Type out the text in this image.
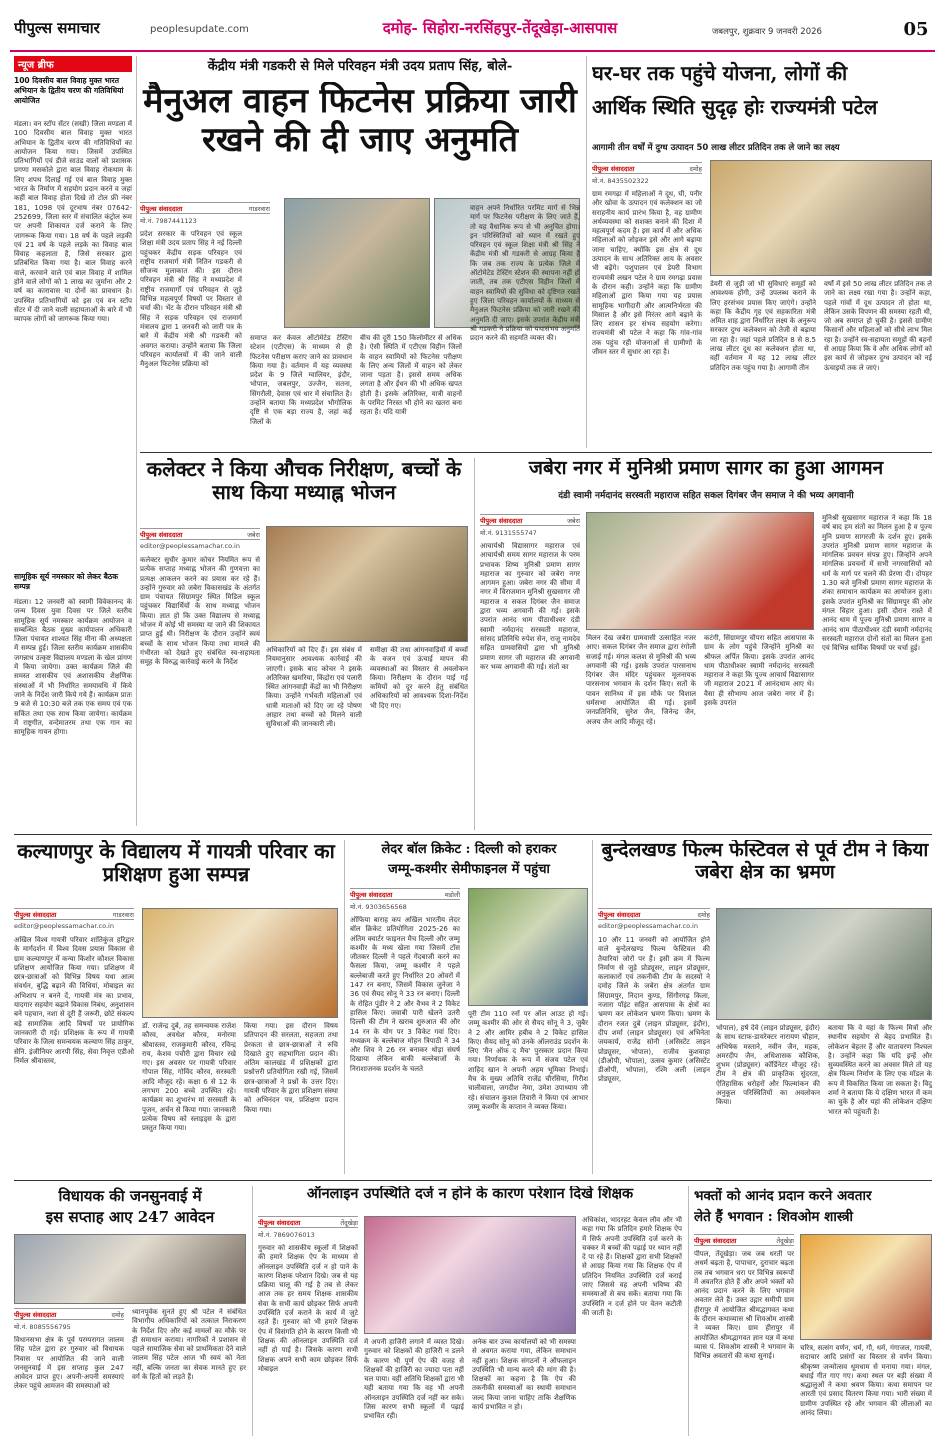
पीपुल्स समाचार	peoplesupdate.com	दमोह- सिहोरा-नरसिंहपुर-तेंदूखेड़ा-आसपास	जबलपुर, शुक्रवार 9 जनवरी 2026	05
न्यूज ब्रीफ
100 दिवसीय बाल विवाह मुक्त भारत अभियान के द्वितीय चरण की गतिविधियां आयोजित
मंडला। वन स्टॉप सेंटर (सखी) जिला मण्डला में 100 दिवसीय बाल विवाह मुक्त भारत अभियान के द्वितीय चरण की गतिविधियों का आयोजन किया गया। जिसमें उपस्थित प्रतिभागियों एवं डीजे साउंड वालों को प्रशासक प्रगणा मसकोले द्वारा बाल विवाह रोकथाम के लिए शपथ दिलाई गई एवं बाल विवाह मुक्त भारत के निर्माण में सहयोग प्रदान करने व जहां कहीं बाल विवाह होता दिखे तो टोल फ्री नंबर 181, 1098 एवं दूरभाष नंबर 07642-252699, जिला स्तर में संचालित कंट्रोल रूम पर अपनी शिकायत दर्ज कराने के लिए जागरूक किया गया। 18 वर्ष के पहले लड़की एवं 21 वर्ष के पहले लड़के का विवाह बाल विवाह कहलाता है, जिसे सरकार द्वारा प्रतिबंधित किया गया है। बाल विवाह करने वाले, करवाने वाले एवं बाल विवाह में शामिल होने वाले लोगों को 1 लाख का जुर्माना और 2 वर्ष का कारावास या दोनों का प्रावधान है। उपस्थित प्रतिभागियों को इस एवं वन स्टॉप सेंटर में दी जाने वाली सहायताओं के बारे में भी व्यापक लोगों को जागरूक किया गया।
सामूहिक सूर्य नमस्कार को लेकर बैठक सम्पन्न
मंडला। 12 जनवरी को स्वामी विवेकानन्द के जन्म दिवस युवा दिवस पर जिले स्तरीय सामूहिक सूर्य नमस्कार कार्यक्रम आयोजन व सम्बन्धित बैठक मुख्य कार्यपालन अधिकारी जिला पंचायत शाश्वत सिंह मीना की अध्यक्षता में सम्पन्न हुई। जिला स्तरीय कार्यक्रम शासकीय जगन्नाथ उत्कृष्ट विद्यालय मण्डला के खेल प्रांगण में किया जायेगा। उक्त कार्यक्रम जिले की समस्त शासकीय एवं अशासकीय शैक्षणिक संस्थाओं में भी निर्धारित समयावधि में किये जाने के निर्देश जारी किये गये हैं। कार्यक्रम प्रातः 9 बजे से 10:30 बजे तक एक समय एवं एक सकिंत तथा एक साथ किया जायेगा। कार्यक्रम में राष्ट्रगीत, वन्देमातरम तथा एक गान का सामूहिक गायन होगा।
केंद्रीय मंत्री गडकरी से मिले परिवहन मंत्री उदय प्रताप सिंह, बोले-
मैनुअल वाहन फिटनेस प्रक्रिया जारी रखने की दी जाए अनुमति
पीपुल्स संवाददाता	गाडरवारा
मो.नं. 7987441123
प्रदेश सरकार के परिवहन एवं स्कूल शिक्षा मंत्री उदय प्रताप सिंह ने नई दिल्ली पहुंचकर केंद्रीय सड़क परिवहन एवं राष्ट्रीय राजमार्ग मंत्री नितिन गडकरी से सौजन्य मुलाकात की। इस दौरान परिवहन मंत्री श्री सिंह ने मध्यप्रदेश में राष्ट्रीय राजमार्गों एवं परिवहन से जुड़े विभिन्न महत्वपूर्ण विषयों पर विस्तार से चर्चा की। भेंट के दौरान परिवहन मंत्री श्री सिंह ने सड़क परिवहन एवं राजमार्ग मंत्रालय द्वारा 1 जनवरी को जारी पत्र के बारे में केंद्रीय मंत्री श्री गडकरी को अवगत कराया। उन्होंने बताया कि जिला परिवहन कार्यालयों में की जाने वाली मैनुअल फिटनेस प्रक्रिया को
समाप्त कर केवल ऑटोमेटेड टेस्टिंग स्टेशन (एटीएस) के माध्यम से ही फिटनेस परीक्षण कराए जाने का प्रावधान किया गया है। वर्तमान में यह व्यवस्था प्रदेश के 9 जिले ग्वालियर, इंदौर, भोपाल, जबलपुर, उज्जैन, सतना, सिंगरौली, देवास एवं धार में संचालित है। उन्होंने बताया कि मध्यप्रदेश भौगोलिक दृष्टि से एक बड़ा राज्य है, जहां कई जिलों के
बीच की दूरी 150 किलोमीटर से अधिक है। ऐसी स्थिति में एटीएस विहीन जिलों के वाहन स्वामियों को फिटनेस परीक्षण के लिए अन्य जिलों में वाहन को लेकर जाना पड़ता है। इससे समय अधिक लगता है और ईंधन की भी अधिक खपत होती है। इसके अतिरिक्त, यात्री वाहनों के परमिट निरस्त भी होने का खतरा बना रहता है। यदि यात्री
वाहन अपने निर्धारित परमिट मार्ग से भिन्न मार्ग पर फिटनेस परीक्षण के लिए जाते हैं, तो यह वैधानिक रूप से भी अनुचित होगा। इन परिस्थितियों को ध्यान में रखते हुए परिवहन एवं स्कूल शिक्षा मंत्री श्री सिंह ने केंद्रीय मंत्री श्री गडकरी से आग्रह किया है कि जब तक राज्य के प्रत्येक जिले में ऑटोमेटेड टेस्टिंग स्टेशन की स्थापना नहीं हो जाती, तब तक एटीएस विहीन जिलों में वाहन स्वामियों की सुविधा को दृष्टिगत रखते हुए जिला परिवहन कार्यालयों के माध्यम से मैनुअल फिटनेस प्रक्रिया को जारी रखने की अनुमति दी जाए। इसके उपरांत केंद्रीय मंत्री श्री गडकरी ने प्रक्रिया को यथासंभव अनुमति प्रदान करने की सहमति व्यक्त की।
घर-घर तक पहुंचे योजना, लोगों की
आर्थिक स्थिति सुदृढ़ होः राज्यमंत्री पटेल
आगामी तीन वर्षों में दुग्ध उत्पादन 50 लाख लीटर प्रतिदिन तक ले जाने का लक्ष्य
पीपुल्स संवाददाता	दमोह
मो.नं. 8435502322
ग्राम रमगढ़ा में महिलाओं ने दूध, घी, पनीर और खोवा के उत्पादन एवं कलेक्शन का जो सराहनीय कार्य प्रारंभ किया है, वह ग्रामीण अर्थव्यवस्था को सशक्त बनाने की दिशा में महत्वपूर्ण कदम है। इस कार्य में और अधिक महिलाओं को जोड़कर इसे और आगे बढ़ाया जाना चाहिए, क्योंकि इस क्षेत्र से दूध उत्पादन के साथ अतिरिक्त आय के अवसर भी बढ़ेंगे। पशुपालन एवं डेयरी विभाग राज्यमंत्री लखन पटेल ने ग्राम रमगढ़ा प्रवास के दौरान कही। उन्होंने कहा कि ग्रामीण महिलाओं द्वारा किया गया यह प्रयास सामूहिक भागीदारी और आत्मनिर्भरता की मिसाल है और इसे निरंतर आगे बढ़ाने के लिए शासन हर संभव सहयोग करेगा। राज्यमंत्री श्री पटेल ने कहा कि गांव-गांव तक पहुंच रही योजनाओं से ग्रामीणों के जीवन स्तर में सुधार आ रहा है।
डेयरी से जुड़ी जो भी सुविधाएं समूहों को आवश्यक होंगी, उन्हें उपलब्ध कराने के लिए हरसंभव प्रयास किए जाएंगे। उन्होंने कहा कि केंद्रीय गृह एवं सहकारिता मंत्री अमित शाह द्वारा निर्धारित लक्ष्य के अनुरूप सरकार दुग्ध कलेक्शन को तेजी से बढ़ाया जा रहा है। जहां पहले प्रतिदिन 8 से 8.5 लाख लीटर दूध का कलेक्शन होता था, वहीं वर्तमान में यह 12 लाख लीटर प्रतिदिन तक पहुंच गया है। आगामी तीन
वर्षों में इसे 50 लाख लीटर प्रतिदिन तक ले जाने का लक्ष्य रखा गया है। उन्होंने कहा, पहले गांवों में दूध उत्पादन तो होता था, लेकिन उसके विपणन की समस्या रहती थी, जो अब समाप्त हो चुकी है। इससे ग्रामीण किसानों और महिलाओं को सीधे लाभ मिल रहा है। उन्होंने स्व-सहायता समूहों की बहनों से आग्रह किया कि वे और अधिक लोगों को इस कार्य से जोड़कर दुग्ध उत्पादन को नई ऊंचाइयों तक ले जाएं।
कलेक्टर ने किया औचक निरीक्षण, बच्चों के साथ किया मध्याह्न भोजन
पीपुल्स संवाददाता	जबेरा
editor@peoplessamachar.co.in
कलेक्टर सुधीर कुमार कोचर नियमित रूप से प्रत्येक सप्ताह मध्याह्न भोजन की गुणवत्ता का प्रत्यक्ष आकलन करने का प्रयास कर रहे हैं। उन्होंने गुरुवार को जबेरा विकासखंड के अंतर्गत ग्राम पंचायत सिंग्रामपुर स्थित मिडिल स्कूल पहुंचकर विद्यार्थियों के साथ मध्याह्न भोजन किया। ज्ञात हो कि उक्त विद्यालय से मध्याह्न भोजन में कोई भी समस्या या जाने की शिकायत प्राप्त हुई थी। निरीक्षण के दौरान उन्होंने स्वयं बच्चों के साथ भोजन किया तथा मामले की गंभीरता को देखते हुए संबंधित स्व-सहायता समूह के विरुद्ध कार्रवाई करने के निर्देश
अधिकारियों को दिए हैं। इस संबंध में नियमानुसार आवश्यक कार्रवाई की जाएगी। इसके बाद कोचर ने इसके अतिरिक्त खमरिया, किंद्रोरा एवं पलारी स्थित आंगनवाड़ी केंद्रों का भी निरीक्षण किया। उन्होंने गर्भवती महिलाओं एवं धात्री माताओं को दिए जा रहे पोषण आहार तथा बच्चों को मिलने वाली सुविधाओं की जानकारी ली।
समीक्षा की तथा आंगनवाड़ियों में बच्चों के वजन एवं ऊंचाई मापन की व्यवस्थाओं का विस्तार से अवलोकन किया। निरीक्षण के दौरान पाई गई कमियों को दूर करने हेतु संबंधित अधिकारियों को आवश्यक दिशा-निर्देश भी दिए गए।
जबेरा नगर में मुनिश्री प्रमाण सागर का हुआ आगमन
दंडी स्वामी नर्मदानंद सरस्वती महाराज सहित सकल दिगंबर जैन समाज ने की भव्य अगवानी
पीपुल्स संवाददाता	जबेरा
मो.नं. 9131555747
आचार्यश्री विद्यासागर महाराज एवं आचार्यश्री समय सागर महाराज के परम प्रभावक शिष्य मुनिश्री प्रमाण सागर महाराज का गुरुवार को जबेरा नगर आगमन हुआ। जबेरा नगर की सीमा में नगर में विराजमान मुनिश्री सुखसागर जी महाराज व सकल दिगंबर जैन समाज द्वारा भव्य अगवानी की गई। इसके उपरांत आनंद धाम पीठाधीश्वर दंडी स्वामी नर्मदानंद सरस्वती महाराज, सांसद प्रतिनिधि रुपेश सेन, राजू नामदेव सहित ग्रामवासियों द्वारा भी मुनिश्री प्रमाण सागर जी महाराज की अगवानी कर भव्य अगवानी की गई। संतों का
मिलन देख जबेरा ग्रामवासी उत्साहित नजर आए। सकल दिगंबर जैन समाज द्वारा रंगोली सजाई गई। मंगल कलश से मुनिश्री की भव्य अगवानी की गई। इसके उपरांत पारसनाथ दिगंबर जैन मंदिर पहुंचकर मूलनायक पारसनाथ भगवान के दर्शन किए। सतों के पावन सानिध्य में इस मौके पर विशाल धर्मसभा आयोजित की गई। इसमें जनप्रतिनिधि, सुरेश जैन, जिनेन्द्र जैन, अजय जैन आदि मौजूद रहे।
कटंगी, सिंग्रामपुर चौपरा सहित आसपास के ग्राम के लोग पहुंचे जिन्होंने मुनिश्री का श्रीफल अर्पित किया। इसके उपरांत आनंद धाम पीठाधीश्वर स्वामी नर्मदानंद सरस्वती महाराज ने कहा कि पूज्य आचार्य विद्यासागर जी महाराज 2021 में आनंदधाम आए थे। वैसा ही सौभाग्य आज जबेरा नगर में है। इसके उपरांत
मुनिश्री सुखसागर महाराज ने कहा कि 18 वर्ष बाद हम संतों का मिलन हुआ है व पूज्य मुनि प्रमाण सागरजी के दर्शन हुए। इसके उपरांत मुनिश्री प्रमाण सागर महाराज के मांगलिक प्रवचन संपन्न हुए। जिन्होंने अपने मांगलिक प्रवचनों में सभी नगरवासियों को धर्म के मार्ग पर चलने की प्रेरणा दी। दोपहर 1.30 बजे मुनिश्री प्रमाण सागर महाराज के शंका समाधान कार्यक्रम का आयोजन हुआ। इसके उपरांत मुनिश्री का सिंग्रामपुर की ओर मंगल विहार हुआ। इसी दौरान रास्ते में आनंद धाम में पूज्य मुनिश्री प्रमाण सागर व आनंद धाम पीठाधीश्वर दंडी स्वामी नर्मदानंद सरस्वती महाराज दोनों संतों का मिलन हुआ एवं विभिन्न धार्मिक विषयों पर चर्चा हुई।
कल्याणपुर के विद्यालय में गायत्री परिवार का प्रशिक्षण हुआ सम्पन्न
पीपुल्स संवाददाता	गाडरवारा
editor@peoplessamachar.co.in
अखिल विश्व गायत्री परिवार शांतिकुंज हरिद्वार के मार्गदर्शन में विश्व दिवस प्रयास विकास से ग्राम कल्याणपुर में कन्या किशोर कौशल विकास प्रशिक्षण आयोजित किया गया। प्रशिक्षण में छात्र-छात्राओं को विभिन्न विषय यथा आत्म संवर्धन, बुद्धि बढ़ाने की विधियां, मोबाइल का अभिशाप न बनने दें, गायत्री मंत्र का प्रभाव, यादगार सहयोग बढ़ाने विकास निबंध, अनुशासन बने पहचान, नशा से दूरी हैं जरूरी, छोटे संकल्प बड़े सामाजिक आदि विषयों पर प्रायोगिक जानकारी दी गई। प्रशिक्षक के रूप में गायत्री परिवार के जिला समन्वयक कल्याण सिंह ठाकुर, सेनि. इंजीनियर आरपी सिंह, सेवा निवृत्त एडीओ निर्मल श्रीवास्तव,
डॉ. राजेन्द्र दुबे, तह समन्वयक राजेश कौरव, अवधेश कौरव, मनोरमा श्रीवास्तव, राजकुमारी कौरव, रविन्द्र राय, केशव पचौरी द्वारा विचार रखे गए। इस अवसर पर गायत्री परिवार गोपाल सिंह, गोविंद कौरव, सरस्वती आदि मौजूद रहे। कक्षा 6 से 12 के लगभग 200 बच्चे उपस्थित रहे। कार्यक्रम का शुभारंभ मां सरस्वती के पूजन, अर्चन से किया गया। जानकारी प्रत्येक विषय को स्लाइड्स के द्वारा प्रस्तुत किया गया।
किया गया। इस दौरान विषय प्रतिपादन की सरलता, सहजता तथा प्रेरकता से छात्र-छात्राओं ने रुचि दिखाते हुए सहभागिता प्रदान की। अंतिम कालखंड में प्रशिक्षकों द्वारा प्रश्नोत्तरी प्रतियोगिता रखी गई, जिसमें छात्र-छात्राओं ने प्रश्नों के उत्तर दिए। गायत्री परिवार के द्वारा प्रशिक्षण संस्था को अभिनंदन पत्र, प्रशिक्षण प्रदान किया गया।
लेदर बॉल क्रिकेट : दिल्ली को हराकर
जम्मू-कश्मीर सेमीफाइनल में पहुंचा
पीपुल्स संवाददाता	मडोली
मो.नं. 9303656568
ऑफिया बाराह कप अखिल भारतीय लेदर बॉल क्रिकेट प्रतियोगिता 2025-26 का अंतिम क्वार्टर फाइनल मैच दिल्ली और जम्मू कश्मीर के मध्य खेला गया जिसमें टॉस जीतकर दिल्ली ने पहले गेंदबाजी करने का फैसला किया, जम्मू कश्मीर ने पहले बल्लेबाजी करते हुए निर्धारित 20 ओवरों में 147 रन बनाए, जिसमें विकास जुनेजा ने 36 एवं सैयद सोनू ने 33 रन बनाए। दिल्ली के रोहित पुंडीर ने 2 और वैभव ने 2 विकेट हासिल किए। जवाबी पारी खेलने उतरी दिल्ली की टीम ने खराब शुरुआत की और 14 रन के योग पर 3 विकेट गवां दिए। मध्यक्रम के बल्लेबाज मोहन त्रिपाठी ने 34 और शिव ने 26 रन बनाकर थोड़ा संघर्ष दिखाया लेकिन बाकी बल्लेबाजों के निराशाजनक प्रदर्शन के चलते
पूरी टीम 110 रनों पर ऑल आउट हो गई। जम्मू कश्मीर की ओर से सैयद सोनू ने 3, जुबैर ने 2 और आमिर हबीब ने 2 विकेट हासिल किए। सैयद सोनू को उनके ऑलराउंड प्रदर्शन के लिए 'मैन ऑफ द मैच' पुरस्कार प्रदान किया गया। निर्णायक के रूप में संजय पटेल एवं शाहिद खान ने अपनी अहम भूमिका निभाई। मैच के मुख्य अतिथि राजेंद्र चौरसिया, गिरीश चालीवाला, जगदीश नेमा, उमेश उपाध्याय जी रहे। संचालन कुशल तिवारी ने किया एवं आभार जम्मू कश्मीर के कप्तान ने व्यक्त किया।
बुन्देलखण्ड फिल्म फेस्टिवल से पूर्व टीम ने किया जबेरा क्षेत्र का भ्रमण
पीपुल्स संवाददाता	दमोह
editor@peoplessamachar.co.in
10 और 11 जनवरी को आयोजित होने वाले बुन्देलखण्ड फिल्म फेस्टिवल की तैयारियां जोरों पर हैं। इसी क्रम में फिल्म निर्माण से जुड़े प्रोड्यूसर, लाइन प्रोड्यूसर, कलाकारों एवं तकनीकी टीम के सदस्यों ने दमोह जिले के जबेरा क्षेत्र अंतर्गत ग्राम सिंग्रामपुर, निदान कुण्ड, सिंगौरगढ़ किला, नजारा पॉइंट सहित आसपास के क्षेत्रों का भ्रमण कर लोकेशन भ्रमण किया। भ्रमण के दौरान रजत दुबे (लाइन प्रोड्यूसर, इंदौर), दीप शर्मा (लाइन प्रोड्यूसर) एवं अभिनेता जयकार्य, राजेंद्र सोनी (असिस्टेंट लाइन प्रोड्यूसर, भोपाल), राजीव कुशवाहा (डीओपी, भोपाल), उत्सव कुमार (असिस्टेंट डीओपी, भोपाल), रश्मि अली (लाइन प्रोड्यूसर,
भोपाल), हर्ष देवे (लाइन प्रोड्यूसर, इंदौर) के साथ स्टाफ-डायरेक्टर नारायण चौहान, अभिषेक मस्ताने, नवीन जैन, महक, अमरदीप जैन, अधिशासक कौशिक, शुभम (प्रोड्यूसर) कॉर्डिनेटर मौजूद रहे। टीम ने क्षेत्र की प्राकृतिक सुंदरता, ऐतिहासिक धरोहरों और फिल्मांकन की अनुकूल परिस्थितियों का अवलोकन किया।
बताया कि वे यहां के फिल्म मित्रों और स्थानीय सहयोग से बेहद प्रभावित हैं। लोकेशन बेहतर हैं और वातावरण निश्चल है। उन्होंने कहा कि यदि इन्हें और सुव्यवस्थित करने का अवसर मिले तो यह क्षेत्र फिल्म निर्माण के लिए एक मॉडल के रूप में विकसित किया जा सकता है। विदु शर्मा ने बताया कि ये दक्षिण भारत में कम का चुके है और यहां की लोकेशन दक्षिण भारत को पहुंचती है।
विधायक की जनसुनवाई में
इस सप्ताह आए 247 आवेदन
पीपुल्स संवाददाता	दमोह
मो.नं. 8085556795
विधानसभा क्षेत्र के पूर्व परम्परागत जालम सिंह पटेल द्वारा हर गुरुवार को विधायक निवास पर आयोजित की जाने वाली जनसुनवाई में इस सप्ताह कुल 247 आवेदन प्राप्त हुए। अपनी-अपनी समस्याएं लेकर पहुंचे आमजन की समस्याओं को
ध्यानपूर्वक सुनते हुए श्री पटेल ने संबंधित विभागीय अधिकारियों को तत्काल निराकरण के निर्देश दिए और कई मामलों का मौके पर ही समाधान कराया। नागरिकों ने प्रशासन से पहले सामाजिक सेवा को प्राथमिकता देने वाले जालम सिंह पटेल आज भी स्वयं को नेता नहीं, बल्कि जनता का सेवक मानते हुए हर वर्ग के हितों को लड़ते हैं।
ऑनलाइन उपस्थिति दर्ज न होने के कारण परेशान दिखे शिक्षक
पीपुल्स संवाददाता	तेंदूखेड़ा
मो.नं. 7869076013
गुरुवार को शासकीय स्कूलों में शिक्षकों की हमारे शिक्षक ऐप के माध्यम से ऑनलाइन उपस्थिति दर्ज न हो पाने के कारण शिक्षक परेशान दिखे। जब से यह प्रक्रिया चालू की गई है तब से लेकर आज तक हर समय शिक्षक शासकीय सेवा के सभी कार्य छोड़कर सिर्फ अपनी उपस्थिति दर्ज कराने के कार्य में जुटे रहते हैं। गुरुवार को भी हमारे शिक्षक ऐप में विसंगति होने के कारण किसी भी शिक्षक की ऑनलाइन उपस्थिति दर्ज नहीं हो पाई है। जिसके कारण सभी शिक्षक अपने सभी काम छोड़कर सिर्फ मोबाइल
में अपनी हाजिरी लगाने में व्यस्त दिखे। गुरुवार को शिक्षकों की हाजिरी न डलने के कारण भी पूर्ण ऐप की वजह से शिक्षकों की हाजिरी का ज्यादा पता नहीं चल पाया। वहीं अतिथि शिक्षकों द्वारा भी यही बताया गया कि वह भी अपनी ऑनलाइन उपस्थिति दर्ज नहीं कर सके। जिस कारण सभी स्कूलों में पढ़ाई प्रभावित रही।
अनेक बार उच्च कार्यालयों को भी समस्या से अवगत कराया गया, लेकिन समाधान नहीं हुआ। शिक्षक संगठनों ने ऑफलाइन उपस्थिति भी मान्य करने की मांग की है। शिक्षकों का कहना है कि ऐप की तकनीकी समस्याओं का स्थायी समाधान जल्द किया जाना चाहिए ताकि शैक्षणिक कार्य प्रभावित न हो।
अधिकांश, भादरहट केवल लौव और भी कहा गया कि प्रतिदिन हमारे शिक्षक ऐप में सिर्फ अपनी उपस्थिति दर्ज करने के चक्कर में बच्चों की पढ़ाई पर ध्यान नहीं दे पा रहे हैं। शिक्षकों द्वारा सभी शिक्षकों से आग्रह किया गया कि शिक्षक ऐप में प्रतिदिन नियमित उपस्थिति दर्ज कराई जाए जिससे वह अपनी भविष्य की समस्याओं से बच सकें। बताया गया कि उपस्थिति न दर्ज होने पर वेतन कटौती की जाती है।
भक्तों को आनंद प्रदान करने अवतार
लेते हैं भगवान : शिवओम शास्त्री
पीपुल्स संवाददाता	तेंदूखेड़ा
पीपल, तेंदूखेड़ा। जब जब धरती पर अधर्म बढ़ता है, पापाचार, दुराचार बढ़ता तब तब भगवान धरा पर विभिन्न स्वरूपों में अवतरित होते हैं और अपने भक्तों को आनंद प्रदान करने के लिए भगवान अवतार लेते हैं। उक्त उद्गार समीपी ग्राम हीरापुर में आयोजित श्रीमद्भागवत कथा के दौरान कथाव्यास श्री शिवओम शास्त्री ने व्यक्त किए। ग्राम हीरापुर में आयोजित श्रीमद्भागवत ज्ञान यज्ञ में कथा व्यास पं. शिवओम शास्त्री ने भगवान के विभिन्न अवतारों की कथा सुनाई।
चरित्र, सत्संग वर्णन, धर्म, गौ, धर्म, गंगाजल, गायत्री, सदाचार आदि प्रसंगों का विस्तार से वर्णन किया। श्रीकृष्ण जन्मोत्सव धूमधाम से मनाया गया। मंगल, बधाई गीत गाए गए। कथा स्थल पर बड़ी संख्या में श्रद्धालुओं ने कथा श्रवण किया। कथा समापन पर आरती एवं प्रसाद वितरण किया गया। भारी संख्या में ग्रामीण उपस्थित रहे और भगवान की लीलाओं का आनंद लिया।
